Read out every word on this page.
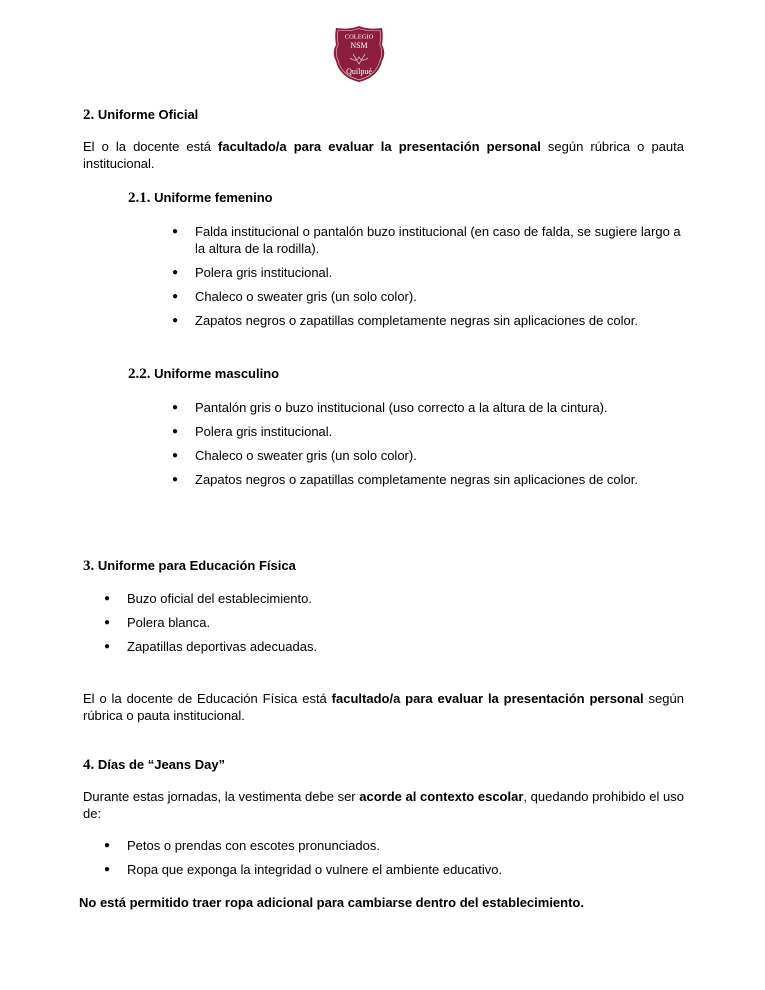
COLEGIO
NSM
Quilpué
2. Uniforme Oficial

El o la docente está facultado/a para evaluar la presentación personal según rúbrica o pauta institucional.

2.1. Uniforme femenino
● Falda institucional o pantalón buzo institucional (en caso de falda, se sugiere largo a la altura de la rodilla).
● Polera gris institucional.
● Chaleco o sweater gris (un solo color).
● Zapatos negros o zapatillas completamente negras sin aplicaciones de color.
2.2. Uniforme masculino
● Pantalón gris o buzo institucional (uso correcto a la altura de la cintura).
● Polera gris institucional.
● Chaleco o sweater gris (un solo color).
● Zapatos negros o zapatillas completamente negras sin aplicaciones de color.
3. Uniforme para Educación Física
● Buzo oficial del establecimiento.
● Polera blanca.
● Zapatillas deportivas adecuadas.

El o la docente de Educación Física está facultado/a para evaluar la presentación personal según rúbrica o pauta institucional.

4. Días de “Jeans Day”

Durante estas jornadas, la vestimenta debe ser acorde al contexto escolar, quedando prohibido el uso de:

● Petos o prendas con escotes pronunciados.
● Ropa que exponga la integridad o vulnere el ambiente educativo.

No está permitido traer ropa adicional para cambiarse dentro del establecimiento.
